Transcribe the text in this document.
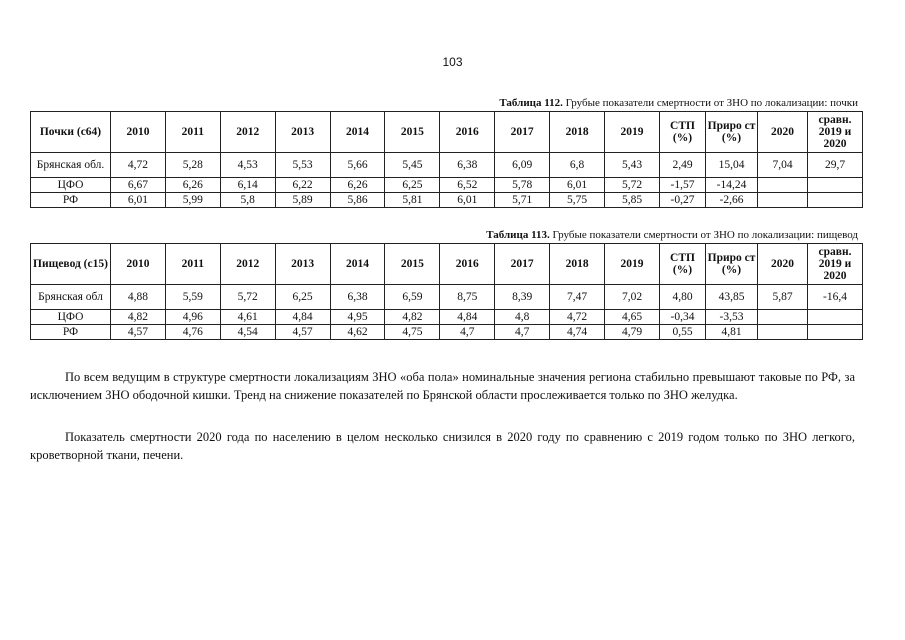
103
Таблица 112. Грубые показатели смертности от ЗНО по локализации: почки
Почки (с64)	2010	2011	2012	2013	2014	2015	2016	2017	2018	2019	СТП (%)	Приро ст (%)	2020	сравн. 2019 и 2020
Брянская обл.	4,72	5,28	4,53	5,53	5,66	5,45	6,38	6,09	6,8	5,43	2,49	15,04	7,04	29,7
ЦФО	6,67	6,26	6,14	6,22	6,26	6,25	6,52	5,78	6,01	5,72	-1,57	-14,24		
РФ	6,01	5,99	5,8	5,89	5,86	5,81	6,01	5,71	5,75	5,85	-0,27	-2,66		
Таблица 113. Грубые показатели смертности от ЗНО по локализации: пищевод
Пищевод (с15)	2010	2011	2012	2013	2014	2015	2016	2017	2018	2019	СТП (%)	Приро ст (%)	2020	сравн. 2019 и 2020
Брянская обл	4,88	5,59	5,72	6,25	6,38	6,59	8,75	8,39	7,47	7,02	4,80	43,85	5,87	-16,4
ЦФО	4,82	4,96	4,61	4,84	4,95	4,82	4,84	4,8	4,72	4,65	-0,34	-3,53		
РФ	4,57	4,76	4,54	4,57	4,62	4,75	4,7	4,7	4,74	4,79	0,55	4,81		

По всем ведущим в структуре смертности локализациям ЗНО «оба пола» номинальные значения региона стабильно превышают таковые по РФ, за исключением ЗНО ободочной кишки. Тренд на снижение показателей по Брянской области прослеживается только по ЗНО желудка.

Показатель смертности 2020 года по населению в целом несколько снизился в 2020 году по сравнению с 2019 годом только по ЗНО легкого, кроветворной ткани, печени.
